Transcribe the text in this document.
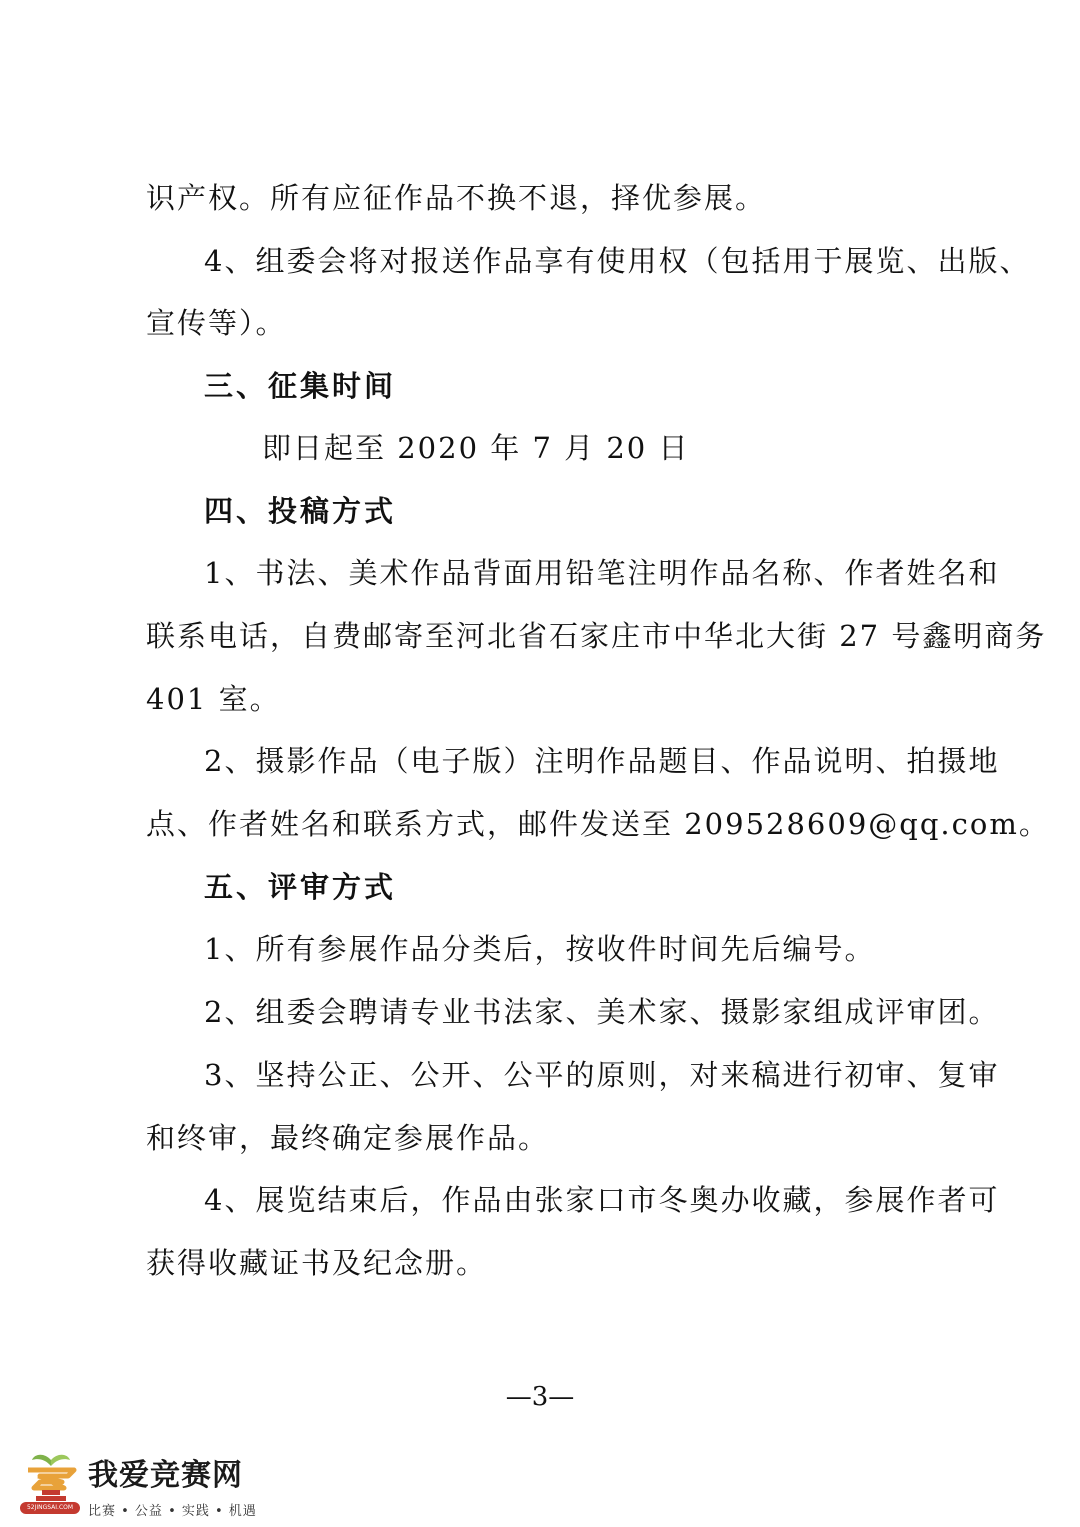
识产权。所有应征作品不换不退，择优参展。
4、组委会将对报送作品享有使用权（包括用于展览、出版、
宣传等）。
三、征集时间
即日起至 2020 年 7 月 20 日
四、投稿方式
1、书法、美术作品背面用铅笔注明作品名称、作者姓名和
联系电话，自费邮寄至河北省石家庄市中华北大街 27 号鑫明商务
401 室。
2、摄影作品（电子版）注明作品题目、作品说明、拍摄地
点、作者姓名和联系方式，邮件发送至 209528609@qq.com。
五、评审方式
1、所有参展作品分类后，按收件时间先后编号。
2、组委会聘请专业书法家、美术家、摄影家组成评审团。
3、坚持公正、公开、公平的原则，对来稿进行初审、复审
和终审，最终确定参展作品。
4、展览结束后，作品由张家口市冬奥办收藏，参展作者可
获得收藏证书及纪念册。
—3—
我爱竞赛网
52JINGSAI.COM	比赛 • 公益 • 实践 • 机遇
